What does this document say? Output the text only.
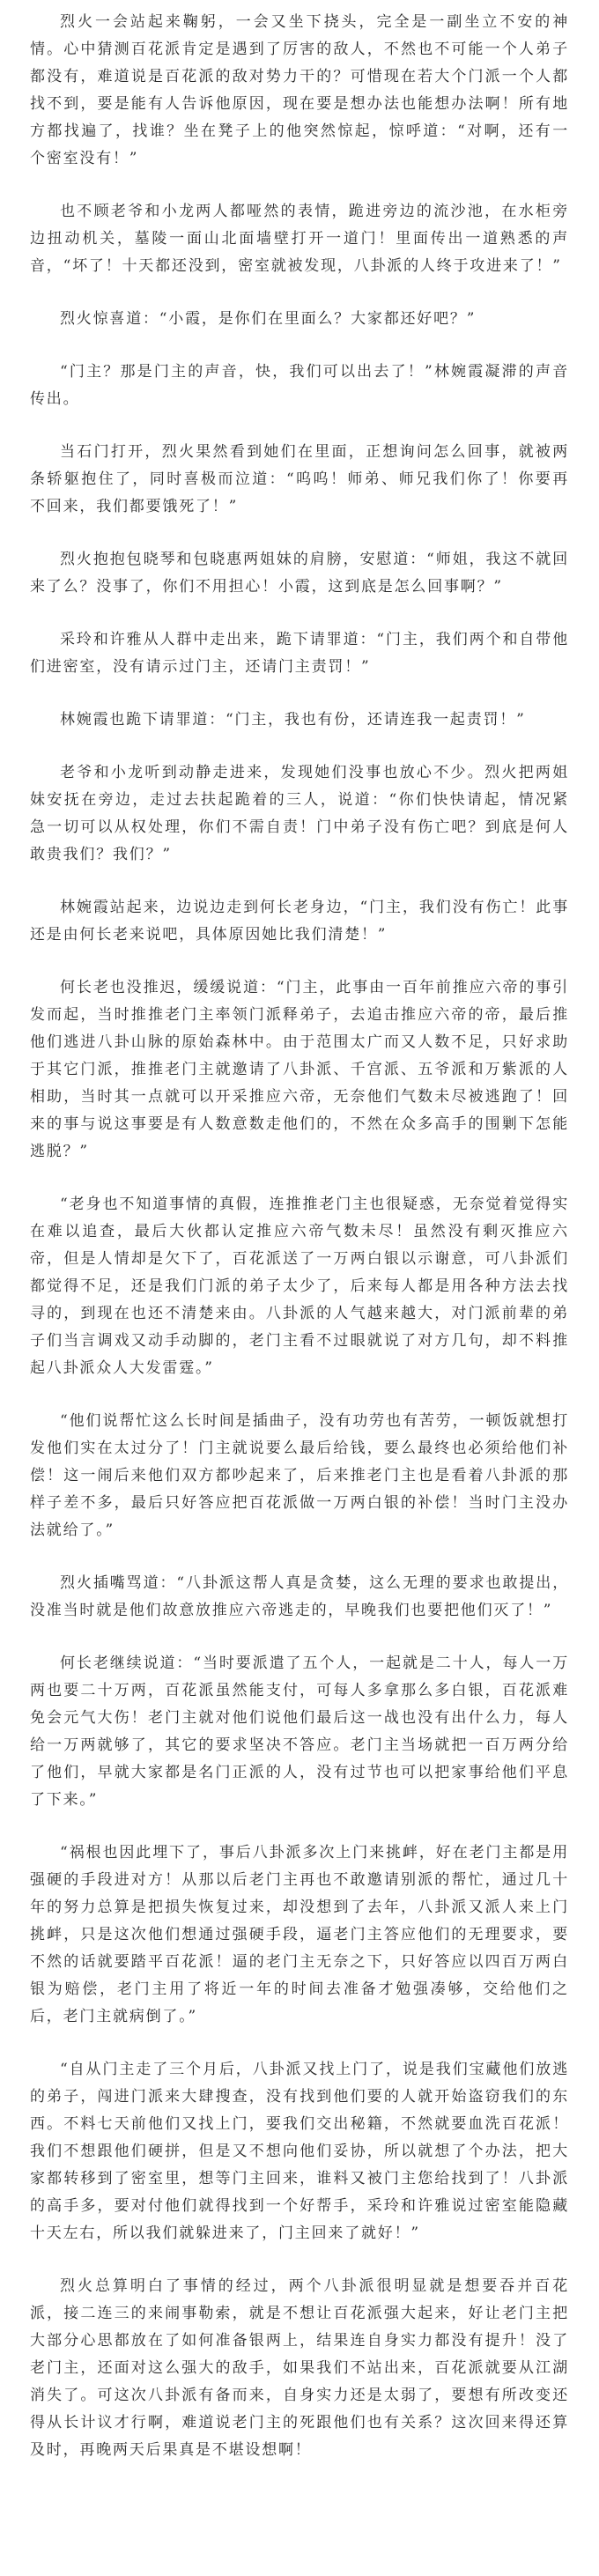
烈火一会站起来鞠躬，一会又坐下挠头，完全是一副坐立不安的神情。心中猜测百花派肯定是遇到了厉害的敌人，不然也不可能一个人弟子都没有，难道说是百花派的敌对势力干的？可惜现在若大个门派一个人都找不到，要是能有人告诉他原因，现在要是想办法也能想办法啊！所有地方都找遍了，找谁？坐在凳子上的他突然惊起，惊呼道：“对啊，还有一个密室没有！”

也不顾老爷和小龙两人都哑然的表情，跪进旁边的流沙池，在水柜旁边扭动机关，墓陵一面山北面墙壁打开一道门！里面传出一道熟悉的声音，“坏了！十天都还没到，密室就被发现，八卦派的人终于攻进来了！”

烈火惊喜道：“小霞，是你们在里面么？大家都还好吧？”

“门主？那是门主的声音，快，我们可以出去了！”林婉霞凝滞的声音传出。

当石门打开，烈火果然看到她们在里面，正想询问怎么回事，就被两条轿躯抱住了，同时喜极而泣道：“呜呜！师弟、师兄我们你了！你要再不回来，我们都要饿死了！”

烈火抱抱包晓琴和包晓惠两姐妹的肩膀，安慰道：“师姐，我这不就回来了么？没事了，你们不用担心！小霞，这到底是怎么回事啊？”

采玲和许雅从人群中走出来，跪下请罪道：“门主，我们两个和自带他们进密室，没有请示过门主，还请门主责罚！”

林婉霞也跪下请罪道：“门主，我也有份，还请连我一起责罚！”

老爷和小龙听到动静走进来，发现她们没事也放心不少。烈火把两姐妹安抚在旁边，走过去扶起跪着的三人，说道：“你们快快请起，情况紧急一切可以从权处理，你们不需自责！门中弟子没有伤亡吧？到底是何人敢贵我们？我们？”

林婉霞站起来，边说边走到何长老身边，“门主，我们没有伤亡！此事还是由何长老来说吧，具体原因她比我们清楚！”

何长老也没推迟，缓缓说道：“门主，此事由一百年前推应六帝的事引发而起，当时推推老门主率领门派释弟子，去追击推应六帝的帝，最后推他们逃进八卦山脉的原始森林中。由于范围太广而又人数不足，只好求助于其它门派，推推老门主就邀请了八卦派、千宫派、五爷派和万紫派的人相助，当时其一点就可以开采推应六帝，无奈他们气数未尽被逃跑了！回来的事与说这事要是有人数意数走他们的，不然在众多高手的围剿下怎能逃脱？”

“老身也不知道事情的真假，连推推老门主也很疑惑，无奈觉着觉得实在难以追查，最后大伙都认定推应六帝气数未尽！虽然没有剩灭推应六帝，但是人情却是欠下了，百花派送了一万两白银以示谢意，可八卦派们都觉得不足，还是我们门派的弟子太少了，后来每人都是用各种方法去找寻的，到现在也还不清楚来由。八卦派的人气越来越大，对门派前辈的弟子们当言调戏又动手动脚的，老门主看不过眼就说了对方几句，却不料推起八卦派众人大发雷霆。”

“他们说帮忙这么长时间是插曲子，没有功劳也有苦劳，一顿饭就想打发他们实在太过分了！门主就说要么最后给钱，要么最终也必须给他们补偿！这一闹后来他们双方都吵起来了，后来推老门主也是看着八卦派的那样子差不多，最后只好答应把百花派做一万两白银的补偿！当时门主没办法就给了。”

烈火插嘴骂道：“八卦派这帮人真是贪婪，这么无理的要求也敢提出，没准当时就是他们故意放推应六帝逃走的，早晚我们也要把他们灭了！”

何长老继续说道：“当时要派遣了五个人，一起就是二十人，每人一万两也要二十万两，百花派虽然能支付，可每人多拿那么多白银，百花派难免会元气大伤！老门主就对他们说他们最后这一战也没有出什么力，每人给一万两就够了，其它的要求坚决不答应。老门主当场就把一百万两分给了他们，早就大家都是名门正派的人，没有过节也可以把家事给他们平息了下来。”

“祸根也因此埋下了，事后八卦派多次上门来挑衅，好在老门主都是用强硬的手段进对方！从那以后老门主再也不敢邀请别派的帮忙，通过几十年的努力总算是把损失恢复过来，却没想到了去年，八卦派又派人来上门挑衅，只是这次他们想通过强硬手段，逼老门主答应他们的无理要求，要不然的话就要踏平百花派！逼的老门主无奈之下，只好答应以四百万两白银为赔偿，老门主用了将近一年的时间去准备才勉强凑够，交给他们之后，老门主就病倒了。”

“自从门主走了三个月后，八卦派又找上门了，说是我们宝藏他们放逃的弟子，闯进门派来大肆搜查，没有找到他们要的人就开始盗窃我们的东西。不料七天前他们又找上门，要我们交出秘籍，不然就要血洗百花派！我们不想跟他们硬拼，但是又不想向他们妥协，所以就想了个办法，把大家都转移到了密室里，想等门主回来，谁料又被门主您给找到了！八卦派的高手多，要对付他们就得找到一个好帮手，采玲和许雅说过密室能隐藏十天左右，所以我们就躲进来了，门主回来了就好！”

烈火总算明白了事情的经过，两个八卦派很明显就是想要吞并百花派，接二连三的来闹事勒索，就是不想让百花派强大起来，好让老门主把大部分心思都放在了如何准备银两上，结果连自身实力都没有提升！没了老门主，还面对这么强大的敌手，如果我们不站出来，百花派就要从江湖消失了。可这次八卦派有备而来，自身实力还是太弱了，要想有所改变还得从长计议才行啊，难道说老门主的死跟他们也有关系？这次回来得还算及时，再晚两天后果真是不堪设想啊！
